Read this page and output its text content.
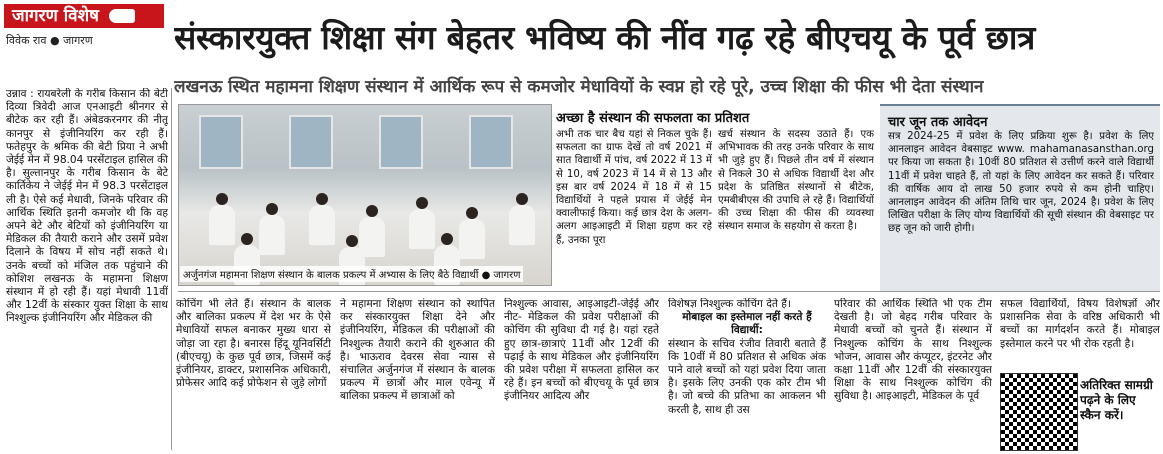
जागरण विशेष
विवेक राव ● जागरण संस्कारयुक्त शिक्षा संग बेहतर भविष्य की नींव गढ़ रहे बीएचयू के पूर्व छात्र
लखनऊ स्थित महामना शिक्षण संस्थान में आर्थिक रूप से कमजोर मेधावियों के स्वप्न हो रहे पूरे, उच्च शिक्षा की फीस भी देता संस्थान
उन्नाव : रायबरेली के गरीब किसान की बेटी दिव्या त्रिवेदी आज एनआइटी श्रीनगर से बीटेक कर रही हैं। अंबेडकरनगर की नीतू कानपुर से इंजीनियरिंग कर रही हैं। फतेहपुर के श्रमिक की बेटी प्रिया ने अभी जेईई मेन में 98.04 परसेंटाइल हासिल की है। सुल्तानपुर के गरीब किसान के बेटे कार्तिकेय ने जेईई मेन में 98.3 परसेंटाइल ली है। ऐसे कई मेधावी, जिनके परिवार की आर्थिक स्थिति इतनी कमजोर थी कि वह अपने बेटे और बेटियों को इंजीनियरिंग या मेडिकल की तैयारी कराने और उसमें प्रवेश दिलाने के विषय में सोच नहीं सकते थे। उनके बच्चों को मंजिल तक पहुंचाने की कोशिश लखनऊ के महामना शिक्षण संस्थान में हो रही हैं। यहां मेधावी 11वीं और 12वीं के संस्कार युक्त शिक्षा के साथ निश्शुल्क इंजीनियरिंग और मेडिकल की
अर्जुनगंज महामना शिक्षण संस्थान के बालक प्रकल्प में अभ्यास के लिए बैठे विद्यार्थी ● जागरण
अच्छा है संस्थान की सफलता का प्रतिशत
अभी तक चार बैच यहां से निकल चुके हैं। सफलता का ग्राफ देखें तो वर्ष 2021 में सात विद्यार्थी में पांच, वर्ष 2022 में 13 में से 10, वर्ष 2023 में 14 में से 13 और इस बार वर्ष 2024 में 18 में से 15 विद्यार्थियों ने पहले प्रयास में जेईई मेन क्वालीफाई किया। कई छात्र देश के अलग- अलग आइआइटी में शिक्षा ग्रहण कर रहे हैं, उनका पूरा
खर्च संस्थान के सदस्य उठाते हैं। एक अभिभावक की तरह उनके परिवार के साथ भी जुड़े हुए हैं। पिछले तीन वर्ष में संस्थान से निकले 30 से अधिक विद्यार्थी देश और प्रदेश के प्रतिष्ठित संस्थानों से बीटेक, एमबीबीएस की उपाधि ले रहे हैं। विद्यार्थियों की उच्च शिक्षा की फीस की व्यवस्था संस्थान समाज के सहयोग से करता है।
चार जून तक आवेदन
सत्र 2024-25 में प्रवेश के लिए प्रक्रिया शुरू है। प्रवेश के लिए आनलाइन आवेदन वेबसाइट www. mahamanasansthan.org पर किया जा सकता है। 10वीं 80 प्रतिशत से उत्तीर्ण करने वाले विद्यार्थी 11वीं में प्रवेश चाहते हैं, तो यहां के लिए आवेदन कर सकते हैं। परिवार की वार्षिक आय दो लाख 50 हजार रुपये से कम होनी चाहिए। आनलाइन आवेदन की अंतिम तिथि चार जून, 2024 है। प्रवेश के लिए लिखित परीक्षा के लिए योग्य विद्यार्थियों की सूची संस्थान की वेबसाइट पर छह जून को जारी होगी।
कोचिंग भी लेते हैं। संस्थान के बालक और बालिका प्रकल्प में देश भर के ऐसे मेधावियों सफल बनाकर मुख्य धारा से जोड़ा जा रहा है। बनारस हिंदू यूनिवर्सिटी (बीएचयू) के कुछ पूर्व छात्र, जिसमें कई इंजीनियर, डाक्टर, प्रशासनिक अधिकारी, प्रोफेसर आदि कई प्रोफेशन से जुड़े लोगों
ने महामना शिक्षण संस्थान को स्थापित कर संस्कारयुक्त शिक्षा देने और इंजीनियरिंग, मेडिकल की परीक्षाओं की निश्शुल्क तैयारी कराने की शुरुआत की है। भाऊराव देवरस सेवा न्यास से संचालित अर्जुनगंज में संस्थान के बालक प्रकल्प में छात्रों और माल एवेन्यू में बालिका प्रकल्प में छात्राओं को
निश्शुल्क आवास, आइआइटी-जेईई और नीट- मेडिकल की प्रवेश परीक्षाओं की कोचिंग की सुविधा दी गई है। यहां रहते हुए छात्र-छात्राएं 11वीं और 12वीं की पढ़ाई के साथ मेडिकल और इंजीनियरिंग की प्रवेश परीक्षा में सफलता हासिल कर रहे हैं। इन बच्चों को बीएचयू के पूर्व छात्र इंजीनियर आदित्य और
विशेषज्ञ निश्शुल्क कोचिंग देते हैं।
मोबाइल का इस्तेमाल नहीं करते हैं विद्यार्थी:
संस्थान के सचिव रंजीव तिवारी बताते हैं कि 10वीं में 80 प्रतिशत से अधिक अंक पाने वाले बच्चों को यहां प्रवेश दिया जाता है। इसके लिए उनकी एक कोर टीम भी है। जो बच्चे की प्रतिभा का आकलन भी करती है, साथ ही उस
परिवार की आर्थिक स्थिति भी एक टीम देखती है। जो बेहद गरीब परिवार के मेधावी बच्चों को चुनते हैं। संस्थान में निश्शुल्क कोचिंग के साथ निश्शुल्क भोजन, आवास और कंप्यूटर, इंटरनेट और कक्षा 11वीं और 12वीं की संस्कारयुक्त शिक्षा के साथ निश्शुल्क कोचिंग की सुविधा है। आइआइटी, मेडिकल के पूर्व
सफल विद्यार्थियों, विषय विशेषज्ञों और प्रशासनिक सेवा के वरिष्ठ अधिकारी भी बच्चों का मार्गदर्शन करते हैं। मोबाइल इस्तेमाल करने पर भी रोक रहती है।
अतिरिक्त सामग्री पढ़ने के लिए स्कैन करें।
